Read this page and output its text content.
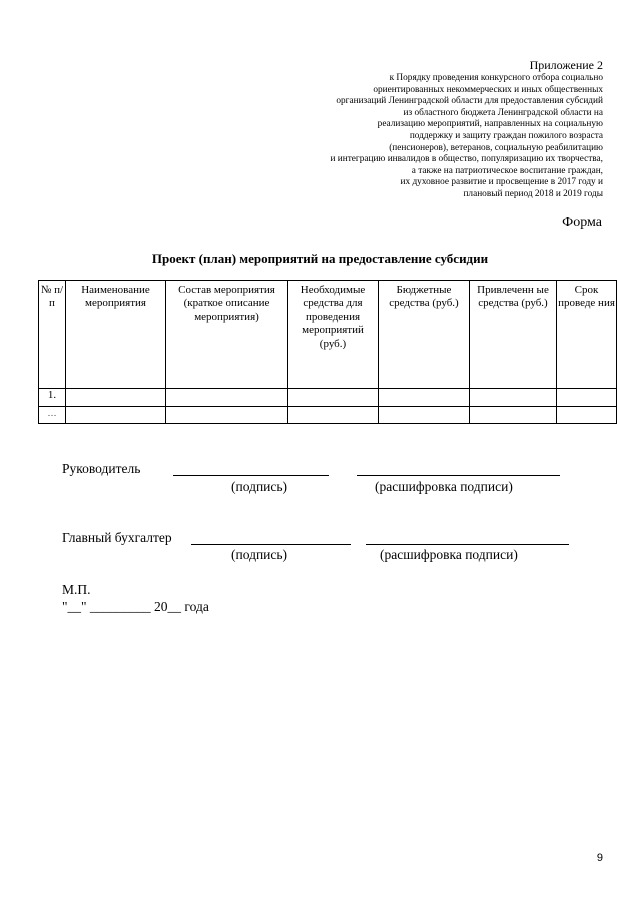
Приложение 2
к Порядку проведения конкурсного отбора социально
ориентированных некоммерческих и иных общественных
организаций Ленинградской области для предоставления субсидий
из областного бюджета Ленинградской области на
реализацию мероприятий, направленных на социальную
поддержку и защиту граждан пожилого возраста
(пенсионеров), ветеранов, социальную реабилитацию
и интеграцию инвалидов в общество, популяризацию их творчества,
а также на патриотическое воспитание граждан,
их духовное развитие и просвещение в 2017 году и
плановый период 2018 и 2019 годы
Форма
Проект (план) мероприятий на предоставление субсидии
№ п/п	Наименование мероприятия	Состав мероприятия (краткое описание мероприятия)	Необходимые средства для проведения мероприятий (руб.)	Бюджетные средства (руб.)	Привлеченн ые средства (руб.)	Срок проведе ния
1.						
…						
Руководитель
(подпись)	(расшифровка подписи)
Главный бухгалтер
(подпись)	(расшифровка подписи)
М.П.
"__" _________ 20__ года
9
